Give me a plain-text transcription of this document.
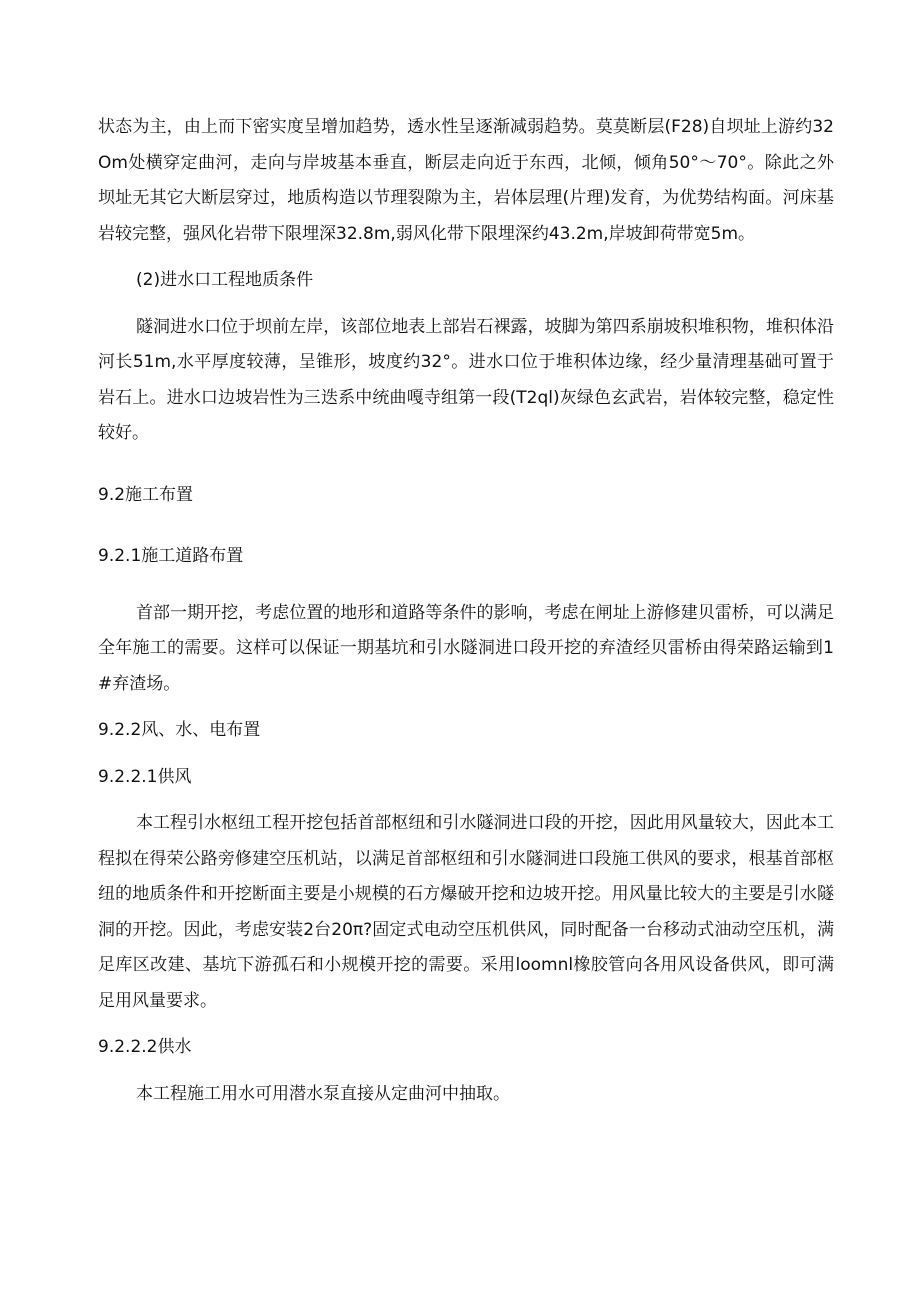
状态为主，由上而下密实度呈增加趋势，透水性呈逐渐减弱趋势。莫莫断层(F28)自坝址上游约32Om处横穿定曲河，走向与岸坡基本垂直，断层走向近于东西，北倾，倾角50°～70°。除此之外坝址无其它大断层穿过，地质构造以节理裂隙为主，岩体层理(片理)发育，为优势结构面。河床基岩较完整，强风化岩带下限埋深32.8m,弱风化带下限埋深约43.2m,岸坡卸荷带宽5m。

(2)进水口工程地质条件

隧洞进水口位于坝前左岸，该部位地表上部岩石裸露，坡脚为第四系崩坡积堆积物，堆积体沿河长51m,水平厚度较薄，呈锥形，坡度约32°。进水口位于堆积体边缘，经少量清理基础可置于岩石上。进水口边坡岩性为三迭系中统曲嘎寺组第一段(T2ql)灰绿色玄武岩，岩体较完整，稳定性较好。

9.2施工布置

9.2.1施工道路布置

首部一期开挖，考虑位置的地形和道路等条件的影响，考虑在闸址上游修建贝雷桥，可以满足全年施工的需要。这样可以保证一期基坑和引水隧洞进口段开挖的弃渣经贝雷桥由得荣路运输到1#弃渣场。

9.2.2风、水、电布置

9.2.2.1供风

本工程引水枢纽工程开挖包括首部枢纽和引水隧洞进口段的开挖，因此用风量较大，因此本工程拟在得荣公路旁修建空压机站，以满足首部枢纽和引水隧洞进口段施工供风的要求，根基首部枢纽的地质条件和开挖断面主要是小规模的石方爆破开挖和边坡开挖。用风量比较大的主要是引水隧洞的开挖。因此，考虑安装2台20π?固定式电动空压机供风，同时配备一台移动式油动空压机，满足库区改建、基坑下游孤石和小规模开挖的需要。采用loomnl橡胶管向各用风设备供风，即可满足用风量要求。

9.2.2.2供水

本工程施工用水可用潜水泵直接从定曲河中抽取。
